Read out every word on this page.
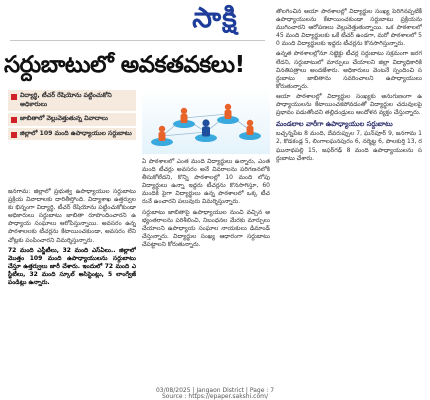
సాక్షి
సర్దుబాటులో అవకతవకలు!
విద్యార్థి, టీచర్ రేషియోను పట్టించుకోని అధికారులు
జాబితాలో వెల్లువెత్తుతున్న వివాదాలు
జిల్లాలో 109 మంది ఉపాధ్యాయుల సర్దుబాటు

జనగామ: జిల్లాలో ప్రభుత్వ ఉపాధ్యాయుల సర్దుబాటు ప్రక్రియ వివాదాలకు దారితీస్తోంది. విద్యాశాఖ ఉత్తర్వులకు భిన్నంగా విద్యార్థి, టీచర్ రేషియోను పట్టించుకోకుండా అధికారులు సర్దుబాటు జాబితా రూపొందించారని ఉపాధ్యాయ సంఘాలు ఆరోపిస్తున్నాయి. అవసరం ఉన్న పాఠశాలలకు టీచర్లను కేటాయించకుండా, అవసరం లేని చోట్లకు పంపించారని విమర్శిస్తున్నారు.

72 మంది ఎస్జీటీలు, 32 మంది ఎస్ఏలు.. జిల్లాలో మొత్తం 109 మంది ఉపాధ్యాయులను సర్దుబాటు చేస్తూ ఉత్తర్వులు జారీ చేశారు. ఇందులో 72 మంది ఎస్జీటీలు, 32 మంది స్కూల్ అసిస్టెంట్లు, 5 లాంగ్వేజ్ పండిట్లు ఉన్నారు.

ఏ పాఠశాలలో ఎంత మంది విద్యార్థులు ఉన్నారు, ఎంత మంది టీచర్లు అవసరం అనే వివరాలను పరిగణనలోకి తీసుకోలేదని, కొన్ని పాఠశాలల్లో 10 మంది లోపు విద్యార్థులు ఉన్నా ఇద్దరు టీచర్లను కొనసాగిస్తూ, 60 మందికి పైగా విద్యార్థులు ఉన్న పాఠశాలలో ఒక్క టీచరునే ఉంచారని పలువురు విమర్శిస్తున్నారు.

సర్దుబాటు జాబితాపై ఉపాధ్యాయుల నుంచి వచ్చిన అభ్యంతరాలను పరిశీలించి, నిబంధనల మేరకు మార్పులు చేయాలని ఉపాధ్యాయ సంఘాల నాయకులు డిమాండ్ చేస్తున్నారు. విద్యార్థుల సంఖ్య ఆధారంగా సర్దుబాటు చేపట్టాలని కోరుతున్నారు.

తొలగించిన ఆయా పాఠశాలల్లో విద్యార్థుల సంఖ్య పెరిగినప్పటికీ ఉపాధ్యాయులను కేటాయించకుండా సర్దుబాటు ప్రక్రియను ముగించారని ఆరోపణలు వెల్లువెత్తుతున్నాయి. ఒక పాఠశాలలో 45 మంది విద్యార్థులకు ఒకే టీచర్ ఉండగా, మరో పాఠశాలలో 50 మంది విద్యార్థులకు ఇద్దరు టీచర్లను కొనసాగిస్తున్నారు.

ఉన్నత పాఠశాలల్లోనూ సబ్జెక్టు టీచర్ల సర్దుబాటు సక్రమంగా జరగలేదని, సర్దుబాటులో మార్పులు చేయాలని జిల్లా విద్యాధికారికి వినతిపత్రాలు అందజేశారు. అధికారులు వెంటనే స్పందించి సర్దుబాటు జాబితాను సవరించాలని ఉపాధ్యాయులు కోరుతున్నారు.

ఆయా పాఠశాలల్లో విద్యార్థుల సంఖ్యకు అనుగుణంగా ఉపాధ్యాయులను కేటాయించకపోవడంతో విద్యార్థుల చదువులపై ప్రభావం పడుతోందని తల్లిదండ్రులు ఆందోళన వ్యక్తం చేస్తున్నారు.

మండలాల వారీగా ఉపాధ్యాయుల సర్దుబాటు

బచ్చన్నపేట 8 మంది, దేవరుప్పుల 7, ఘన్‌పూర్ 9, జనగామ 12, కొడకండ్ల 5, లింగాలఘనపురం 6, నర్మెట్ట 6, పాలకుర్తి 13, రఘునాథపల్లి 15, జఫర్‌గఢ్ 8 మంది ఉపాధ్యాయులను సర్దుబాటు చేశారు.

03/08/2025 | Jangaon District | Page : 7
Source : https://epaper.sakshi.com/
